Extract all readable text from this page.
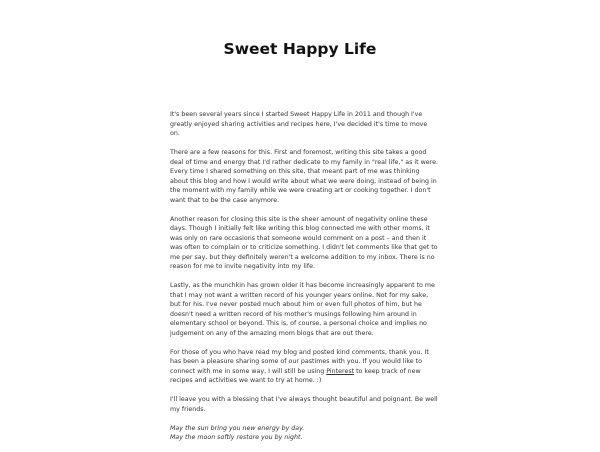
Sweet Happy Life

It's been several years since I started Sweet Happy Life in 2011 and though I've greatly enjoyed sharing activities and recipes here, I've decided it's time to move on.

There are a few reasons for this. First and foremost, writing this site takes a good deal of time and energy that I'd rather dedicate to my family in "real life," as it were. Every time I shared something on this site, that meant part of me was thinking about this blog and how I would write about what we were doing, instead of being in the moment with my family while we were creating art or cooking together. I don't want that to be the case anymore.

Another reason for closing this site is the sheer amount of negativity online these days. Though I initially felt like writing this blog connected me with other moms, it was only on rare occasions that someone would comment on a post – and then it was often to complain or to criticize something. I didn't let comments like that get to me per say, but they definitely weren't a welcome addition to my inbox. There is no reason for me to invite negativity into my life.

Lastly, as the munchkin has grown older it has become increasingly apparent to me that I may not want a written record of his younger years online. Not for my sake, but for his. I've never posted much about him or even full photos of him, but he doesn't need a written record of his mother's musings following him around in elementary school or beyond. This is, of course, a personal choice and implies no judgement on any of the amazing mom blogs that are out there.

For those of you who have read my blog and posted kind comments, thank you. It has been a pleasure sharing some of our pastimes with you. If you would like to connect with me in some way, I will still be using Pinterest to keep track of new recipes and activities we want to try at home. :)

I'll leave you with a blessing that I've always thought beautiful and poignant. Be well my friends.

May the sun bring you new energy by day.
May the moon softly restore you by night.
